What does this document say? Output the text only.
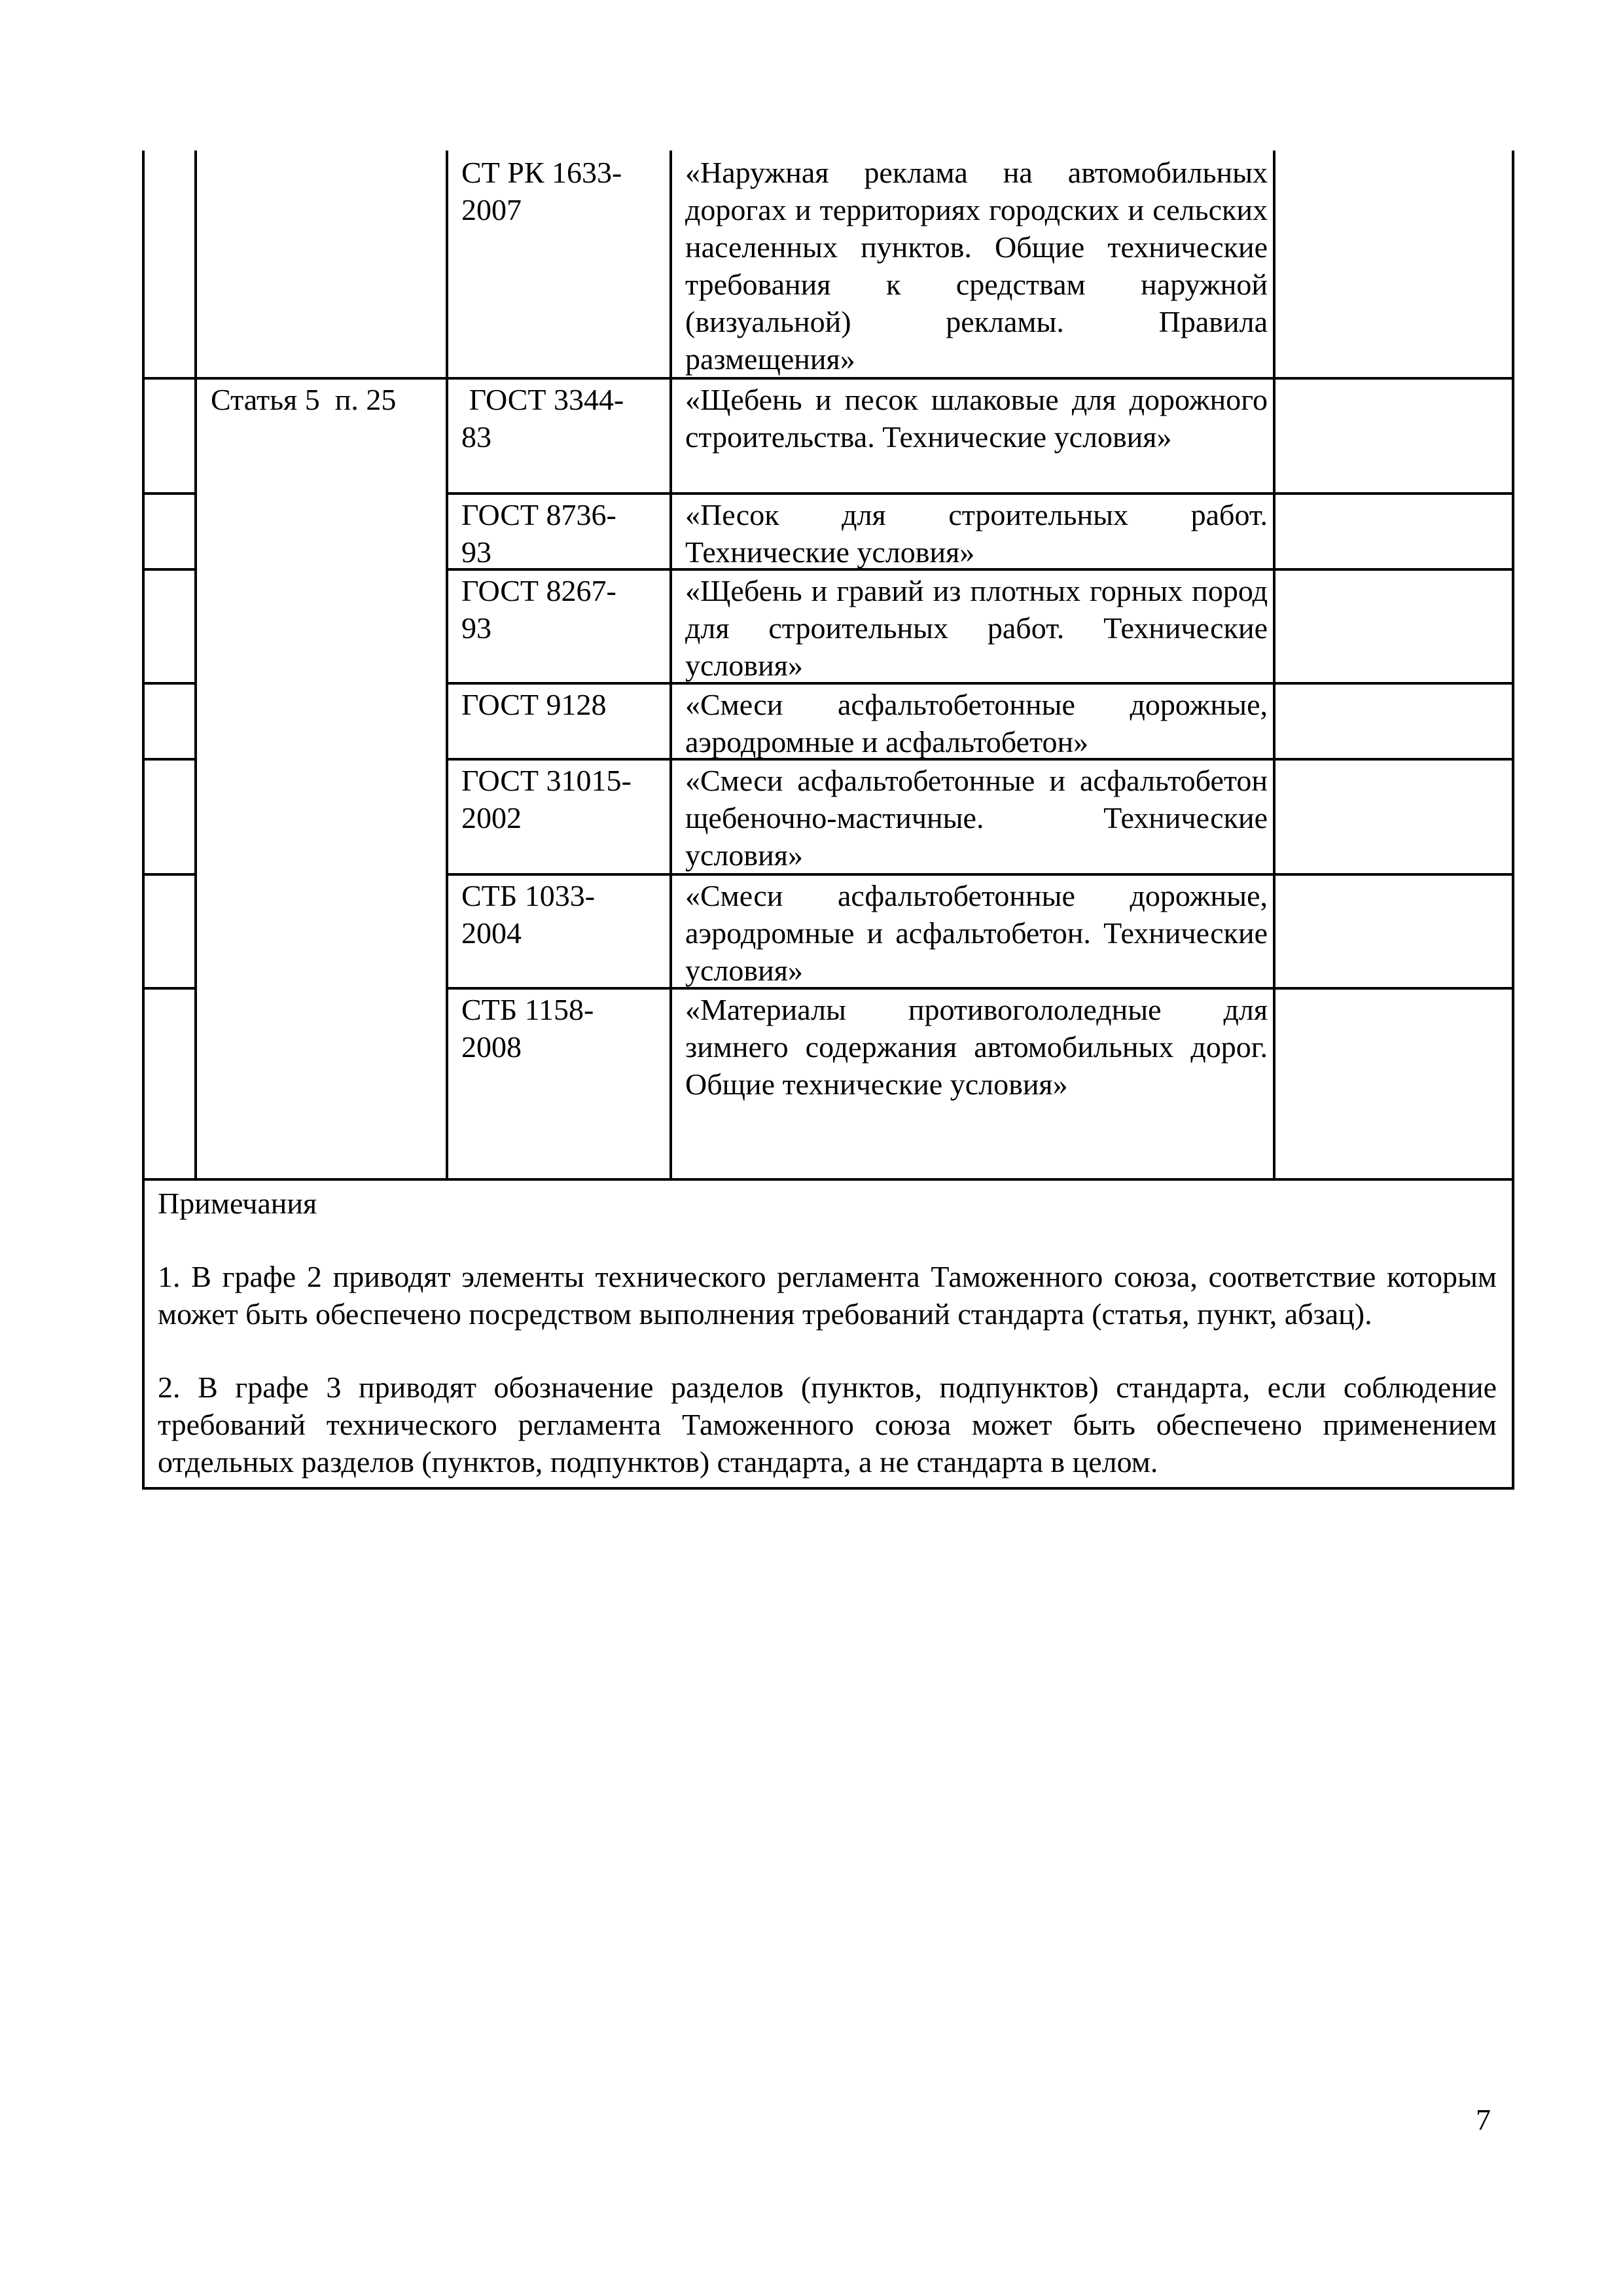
СТ РК 1633-
2007
«Наружная реклама на автомобильных дорогах и территориях городских и сельских населенных пунктов. Общие технические требования к средствам наружной (визуальной) рекламы. Правила размещения»
Статья 5  п. 25	ГОСТ 3344-
83
«Щебень и песок шлаковые для дорожного строительства. Технические условия»
ГОСТ 8736-
93
«Песок для строительных работ. Технические условия»
ГОСТ 8267-
93
«Щебень и гравий из плотных горных пород для строительных работ. Технические условия»
ГОСТ 9128	«Смеси асфальтобетонные дорожные, аэродромные и асфальтобетон»
ГОСТ 31015-
2002
«Смеси асфальтобетонные и асфальтобетон щебеночно-мастичные. Технические условия»
СТБ 1033-
2004
«Смеси асфальтобетонные дорожные, аэродромные и асфальтобетон. Технические условия»
СТБ 1158-
2008
«Материалы противогололедные для зимнего содержания автомобильных дорог. Общие технические условия»

Примечания

1. В графе 2 приводят элементы технического регламента Таможенного союза, соответствие которым может быть обеспечено посредством выполнения требований стандарта (статья, пункт, абзац).

2. В графе 3 приводят обозначение разделов (пунктов, подпунктов) стандарта, если соблюдение требований технического регламента Таможенного союза может быть обеспечено применением отдельных разделов (пунктов, подпунктов) стандарта, а не стандарта в целом.

7
